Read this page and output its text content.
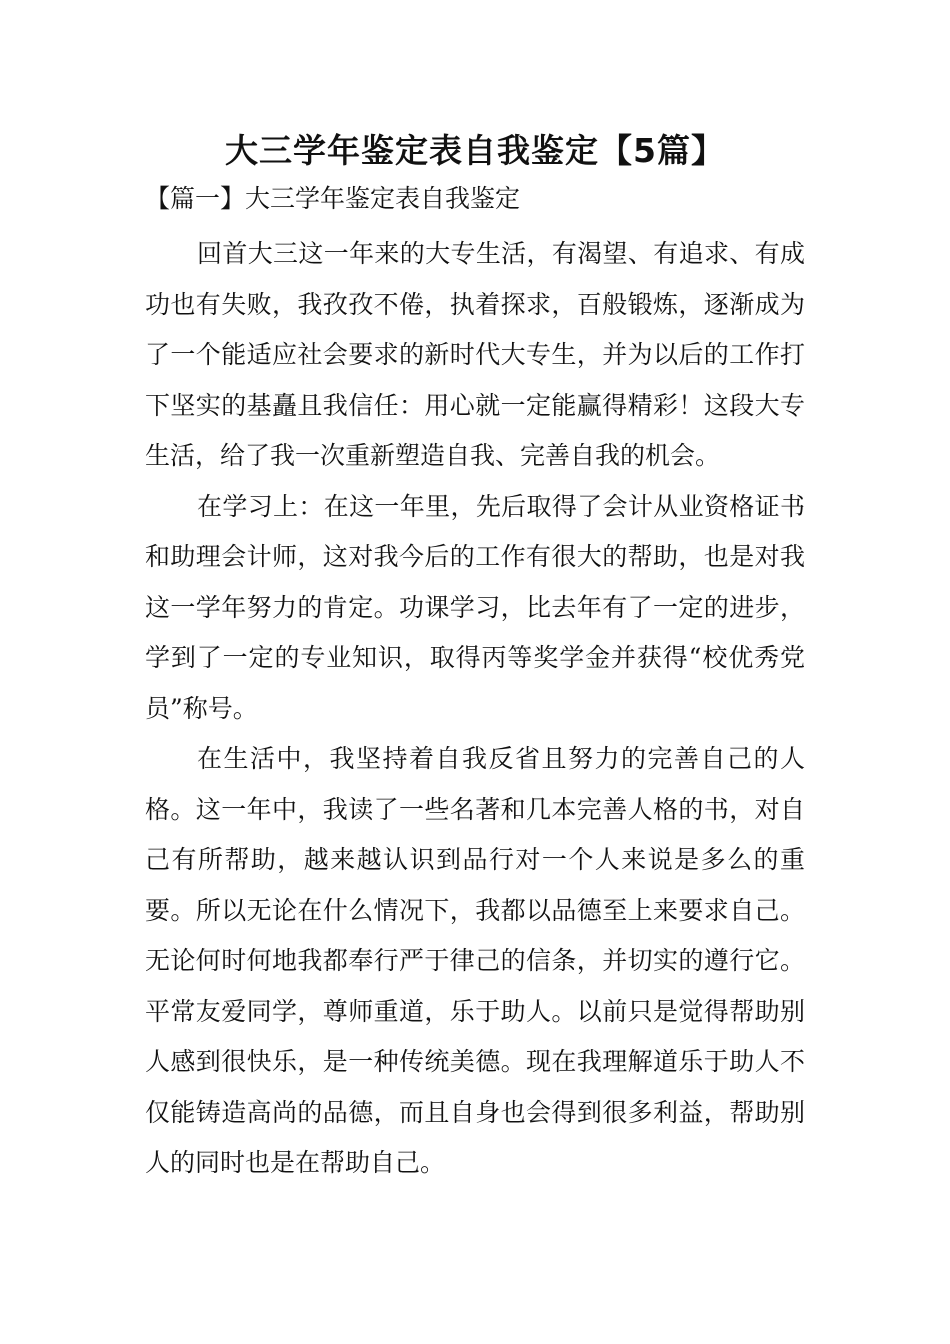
大三学年鉴定表自我鉴定【5篇】
【篇一】大三学年鉴定表自我鉴定

回首大三这一年来的大专生活，有渴望、有追求、有成功也有失败，我孜孜不倦，执着探求，百般锻炼，逐渐成为了一个能适应社会要求的新时代大专生，并为以后的工作打下坚实的基矗且我信任：用心就一定能赢得精彩！这段大专生活，给了我一次重新塑造自我、完善自我的机会。

在学习上：在这一年里，先后取得了会计从业资格证书和助理会计师，这对我今后的工作有很大的帮助，也是对我这一学年努力的肯定。功课学习，比去年有了一定的进步，学到了一定的专业知识，取得丙等奖学金并获得“校优秀党员”称号。

在生活中，我坚持着自我反省且努力的完善自己的人格。这一年中，我读了一些名著和几本完善人格的书，对自己有所帮助，越来越认识到品行对一个人来说是多么的重要。所以无论在什么情况下，我都以品德至上来要求自己。无论何时何地我都奉行严于律己的信条，并切实的遵行它。平常友爱同学，尊师重道，乐于助人。以前只是觉得帮助别人感到很快乐，是一种传统美德。现在我理解道乐于助人不仅能铸造高尚的品德，而且自身也会得到很多利益，帮助别人的同时也是在帮助自己。
